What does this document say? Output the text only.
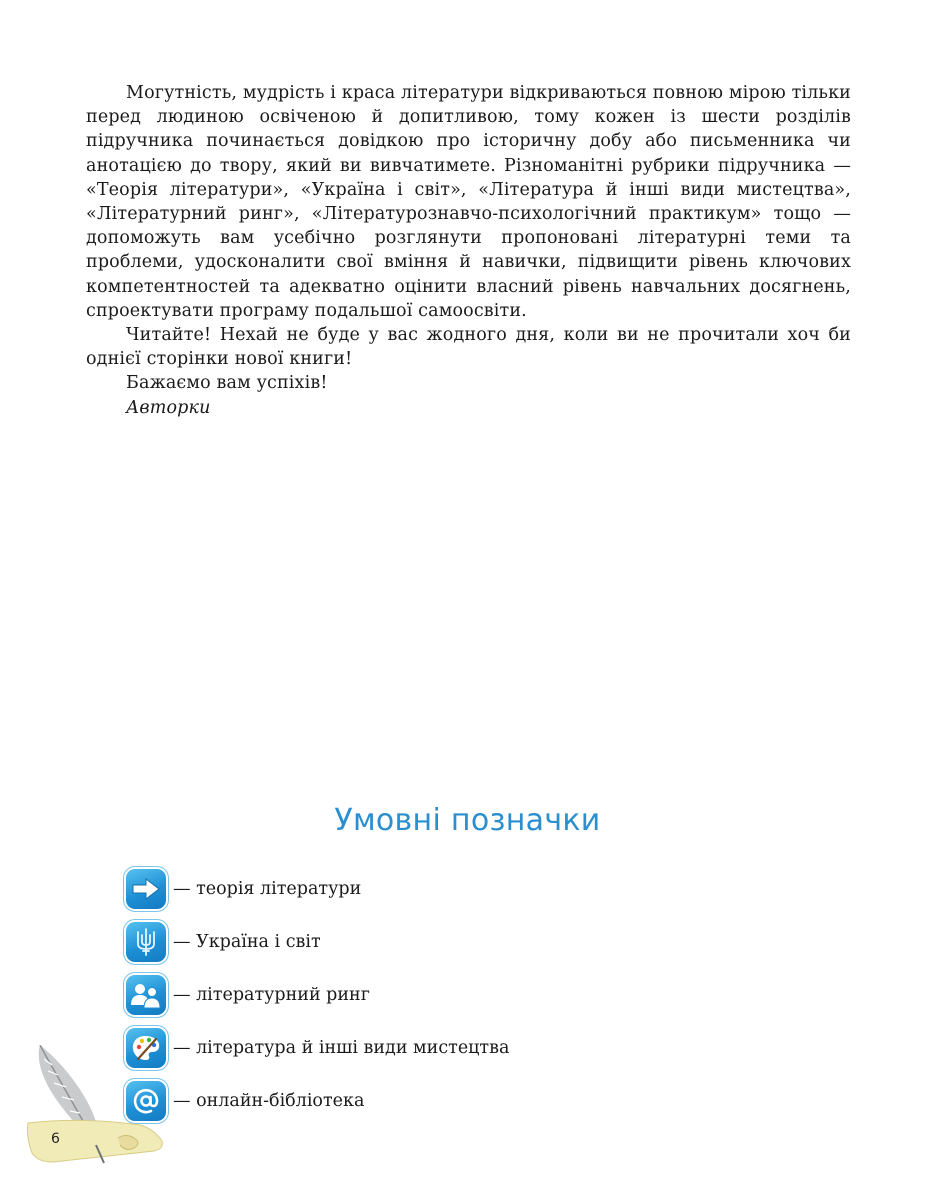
Могутність, мудрість і краса літератури відкриваються повною мірою тільки перед людиною освіченою й допитливою, тому кожен із шести розділів підручника починається довідкою про історичну добу або письменника чи анотацією до твору, який ви вивчатимете. Різноманітні рубрики підручника — «Теорія літератури», «Україна і світ», «Література й інші види мистецтва», «Літературний ринг», «Літературознавчо-психологічний практикум» тощо — допоможуть вам усебічно розглянути пропоновані літературні теми та проблеми, удосконалити свої вміння й навички, підвищити рівень ключових компетентностей та адекватно оцінити власний рівень навчальних досягнень, спроектувати програму подальшої самоосвіти.

Читайте! Нехай не буде у вас жодного дня, коли ви не прочитали хоч би однієї сторінки нової книги!

Бажаємо вам успіхів!

Авторки

Умовні позначки
— теорія літератури
— Україна і світ
— літературний ринг
— література й інші види мистецтва
— онлайн-бібліотека
6
